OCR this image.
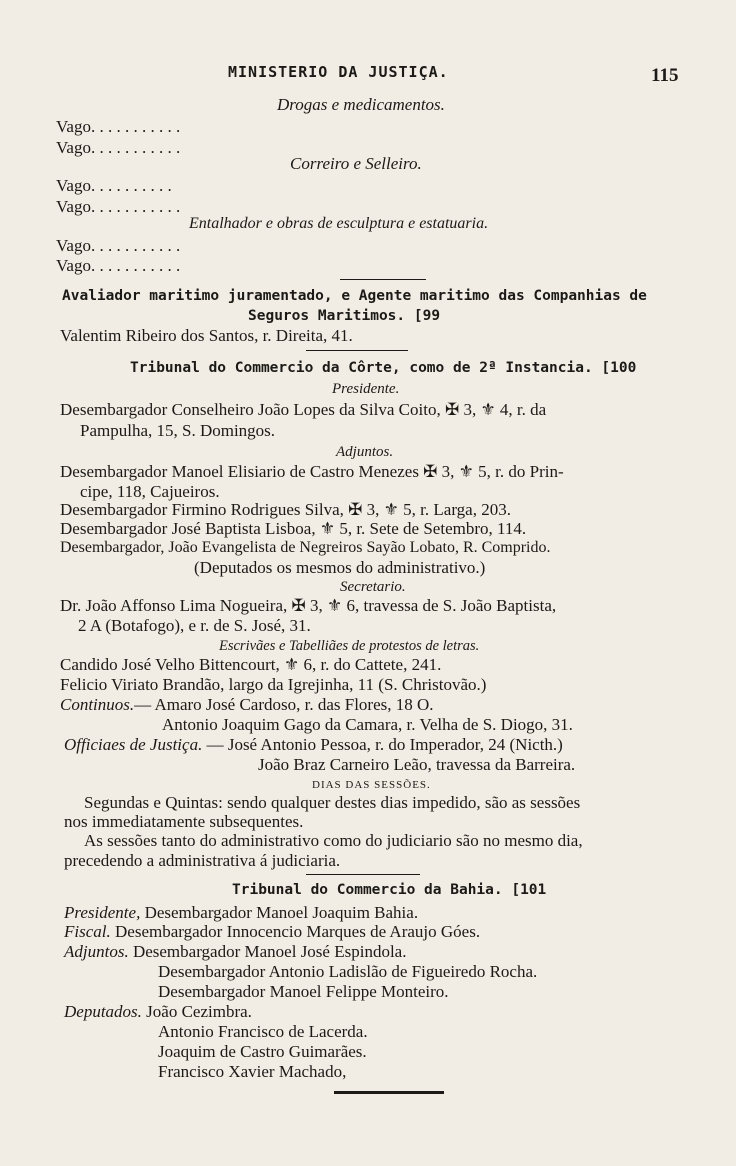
MINISTERIO DA JUSTIÇA.	115
Drogas e medicamentos.
Vago. . . . . . . . . . .
Vago. . . . . . . . . . .
Correiro e Selleiro.
Vago. . . . . . . . . .
Vago. . . . . . . . . . .
Entalhador e obras de esculptura e estatuaria.
Vago. . . . . . . . . . .
Vago. . . . . . . . . . .
Avaliador maritimo juramentado, e Agente maritimo das Companhias de
Seguros Maritimos. [99
Valentim Ribeiro dos Santos, r. Direita, 41.
Tribunal do Commercio da Côrte, como de 2ª Instancia. [100
Presidente.
Desembargador Conselheiro João Lopes da Silva Coito, ✠ 3, ⚜ 4, r. da
Pampulha, 15, S. Domingos.
Adjuntos.
Desembargador Manoel Elisiario de Castro Menezes ✠ 3, ⚜ 5, r. do Prin-
cipe, 118, Cajueiros.
Desembargador Firmino Rodrigues Silva, ✠ 3, ⚜ 5, r. Larga, 203.
Desembargador José Baptista Lisboa, ⚜ 5, r. Sete de Setembro, 114.
Desembargador, João Evangelista de Negreiros Sayão Lobato, R. Comprido.
(Deputados os mesmos do administrativo.)
Secretario.
Dr. João Affonso Lima Nogueira, ✠ 3, ⚜ 6, travessa de S. João Baptista,
2 A (Botafogo), e r. de S. José, 31.
Escrivães e Tabelliães de protestos de letras.
Candido José Velho Bittencourt, ⚜ 6, r. do Cattete, 241.
Felicio Viriato Brandão, largo da Igrejinha, 11 (S. Christovão.)
Continuos.— Amaro José Cardoso, r. das Flores, 18 O.
Antonio Joaquim Gago da Camara, r. Velha de S. Diogo, 31.
Officiaes de Justiça. — José Antonio Pessoa, r. do Imperador, 24 (Nicth.)
João Braz Carneiro Leão, travessa da Barreira.
DIAS DAS SESSÕES.
Segundas e Quintas: sendo qualquer destes dias impedido, são as sessões
nos immediatamente subsequentes.
As sessões tanto do administrativo como do judiciario são no mesmo dia,
precedendo a administrativa á judiciaria.
Tribunal do Commercio da Bahia. [101
Presidente, Desembargador Manoel Joaquim Bahia.
Fiscal. Desembargador Innocencio Marques de Araujo Góes.
Adjuntos. Desembargador Manoel José Espindola.
Desembargador Antonio Ladislão de Figueiredo Rocha.
Desembargador Manoel Felippe Monteiro.
Deputados. João Cezimbra.
Antonio Francisco de Lacerda.
Joaquim de Castro Guimarães.
Francisco Xavier Machado,
